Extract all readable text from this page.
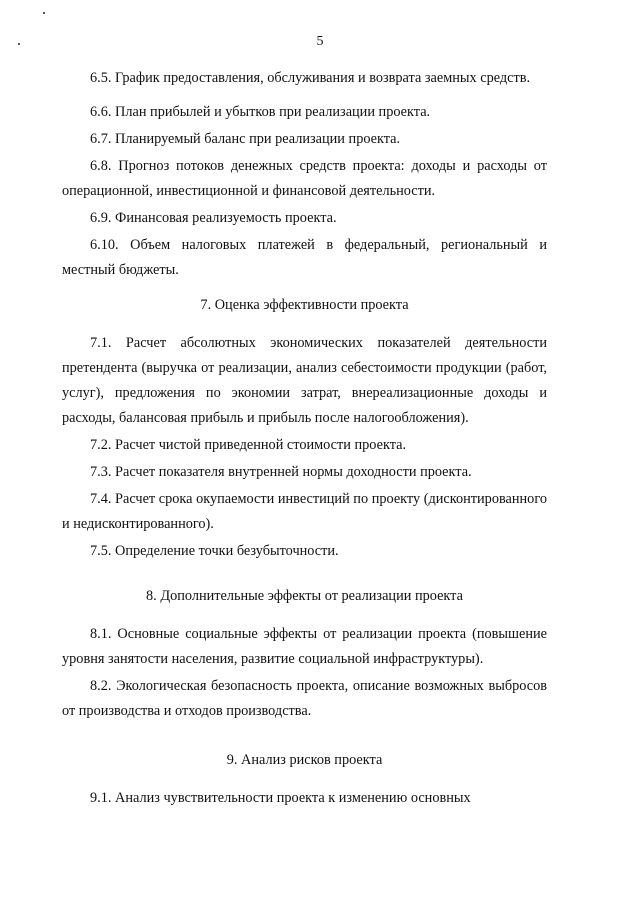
5

6.5. График предоставления, обслуживания и возврата заемных средств.

6.6. План прибылей и убытков при реализации проекта.

6.7. Планируемый баланс при реализации проекта.

6.8. Прогноз потоков денежных средств проекта: доходы и расходы от операционной, инвестиционной и финансовой деятельности.

6.9. Финансовая реализуемость проекта.

6.10. Объем налоговых платежей в федеральный, региональный и местный бюджеты.

7. Оценка эффективности проекта

7.1. Расчет абсолютных экономических показателей деятельности претендента (выручка от реализации, анализ себестоимости продукции (работ, услуг), предложения по экономии затрат, внереализационные доходы и расходы, балансовая прибыль и прибыль после налогообложения).

7.2. Расчет чистой приведенной стоимости проекта.

7.3. Расчет показателя внутренней нормы доходности проекта.

7.4. Расчет срока окупаемости инвестиций по проекту (дисконтированного и недисконтированного).

7.5. Определение точки безубыточности.

8. Дополнительные эффекты от реализации проекта

8.1. Основные социальные эффекты от реализации проекта (повышение уровня занятости населения, развитие социальной инфраструктуры).

8.2. Экологическая безопасность проекта, описание возможных выбросов от производства и отходов производства.

9. Анализ рисков проекта

9.1. Анализ чувствительности проекта к изменению основных
